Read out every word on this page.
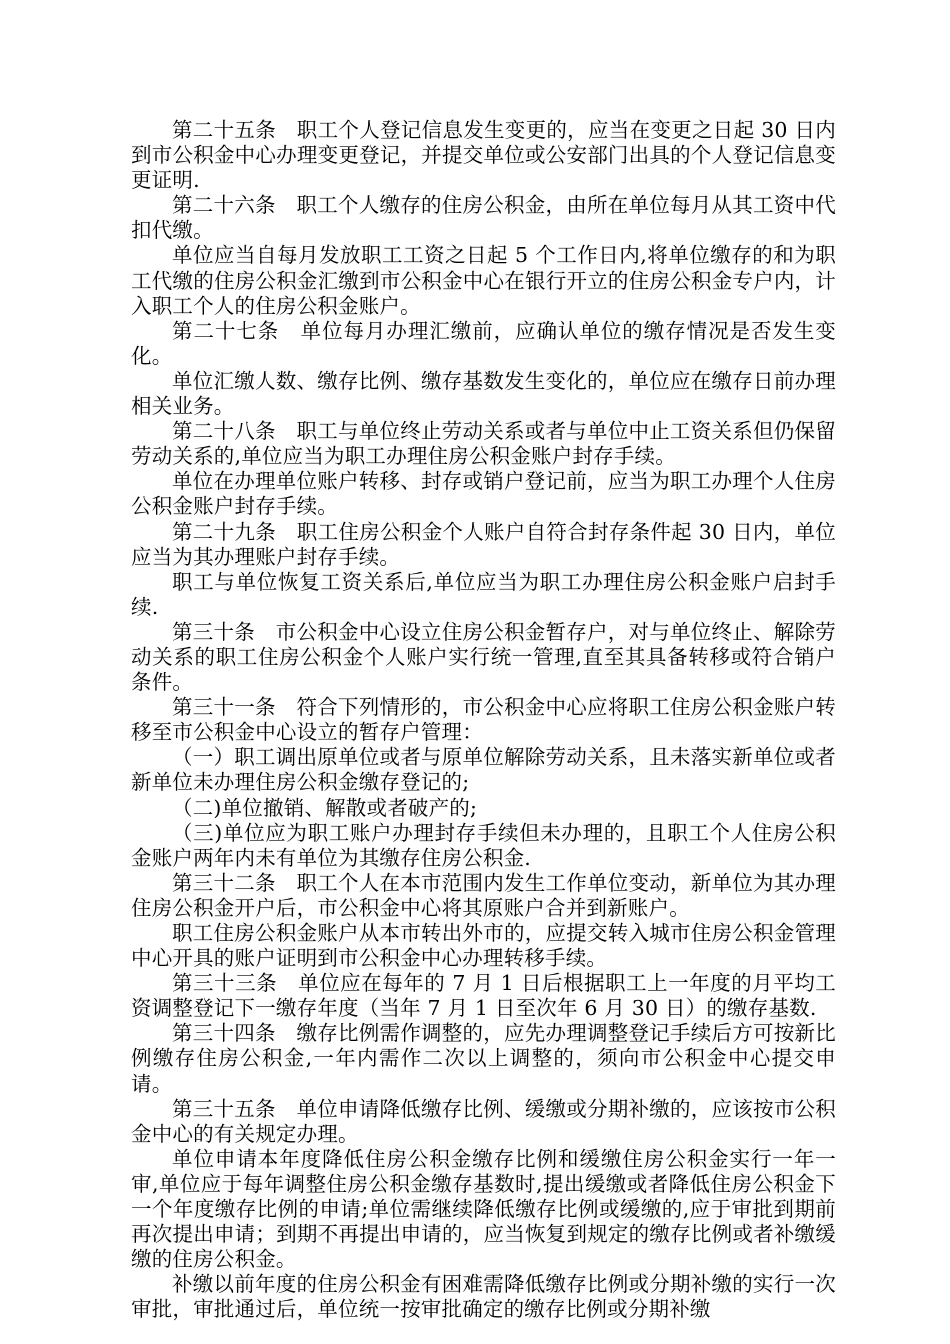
第二十五条　职工个人登记信息发生变更的，应当在变更之日起 30 日内到市公积金中心办理变更登记，并提交单位或公安部门出具的个人登记信息变更证明.

第二十六条　职工个人缴存的住房公积金，由所在单位每月从其工资中代扣代缴。

单位应当自每月发放职工工资之日起 5 个工作日内,将单位缴存的和为职工代缴的住房公积金汇缴到市公积金中心在银行开立的住房公积金专户内，计入职工个人的住房公积金账户。

第二十七条　单位每月办理汇缴前，应确认单位的缴存情况是否发生变化。

单位汇缴人数、缴存比例、缴存基数发生变化的，单位应在缴存日前办理相关业务。

第二十八条　职工与单位终止劳动关系或者与单位中止工资关系但仍保留劳动关系的,单位应当为职工办理住房公积金账户封存手续。

单位在办理单位账户转移、封存或销户登记前，应当为职工办理个人住房公积金账户封存手续。

第二十九条　职工住房公积金个人账户自符合封存条件起 30 日内，单位应当为其办理账户封存手续。

职工与单位恢复工资关系后,单位应当为职工办理住房公积金账户启封手续.

第三十条　市公积金中心设立住房公积金暂存户，对与单位终止、解除劳动关系的职工住房公积金个人账户实行统一管理,直至其具备转移或符合销户条件。

第三十一条　符合下列情形的，市公积金中心应将职工住房公积金账户转移至市公积金中心设立的暂存户管理：

（一）职工调出原单位或者与原单位解除劳动关系，且未落实新单位或者新单位未办理住房公积金缴存登记的;

（二)单位撤销、解散或者破产的;

（三)单位应为职工账户办理封存手续但未办理的，且职工个人住房公积金账户两年内未有单位为其缴存住房公积金.

第三十二条　职工个人在本市范围内发生工作单位变动，新单位为其办理住房公积金开户后，市公积金中心将其原账户合并到新账户。

职工住房公积金账户从本市转出外市的，应提交转入城市住房公积金管理中心开具的账户证明到市公积金中心办理转移手续。

第三十三条　单位应在每年的 7 月 1 日后根据职工上一年度的月平均工资调整登记下一缴存年度（当年 7 月 1 日至次年 6 月 30 日）的缴存基数.

第三十四条　缴存比例需作调整的，应先办理调整登记手续后方可按新比例缴存住房公积金,一年内需作二次以上调整的，须向市公积金中心提交申请。

第三十五条　单位申请降低缴存比例、缓缴或分期补缴的，应该按市公积金中心的有关规定办理。

单位申请本年度降低住房公积金缴存比例和缓缴住房公积金实行一年一审,单位应于每年调整住房公积金缴存基数时,提出缓缴或者降低住房公积金下一个年度缴存比例的申请;单位需继续降低缴存比例或缓缴的,应于审批到期前再次提出申请；到期不再提出申请的，应当恢复到规定的缴存比例或者补缴缓缴的住房公积金。

补缴以前年度的住房公积金有困难需降低缴存比例或分期补缴的实行一次审批，审批通过后，单位统一按审批确定的缴存比例或分期补缴
